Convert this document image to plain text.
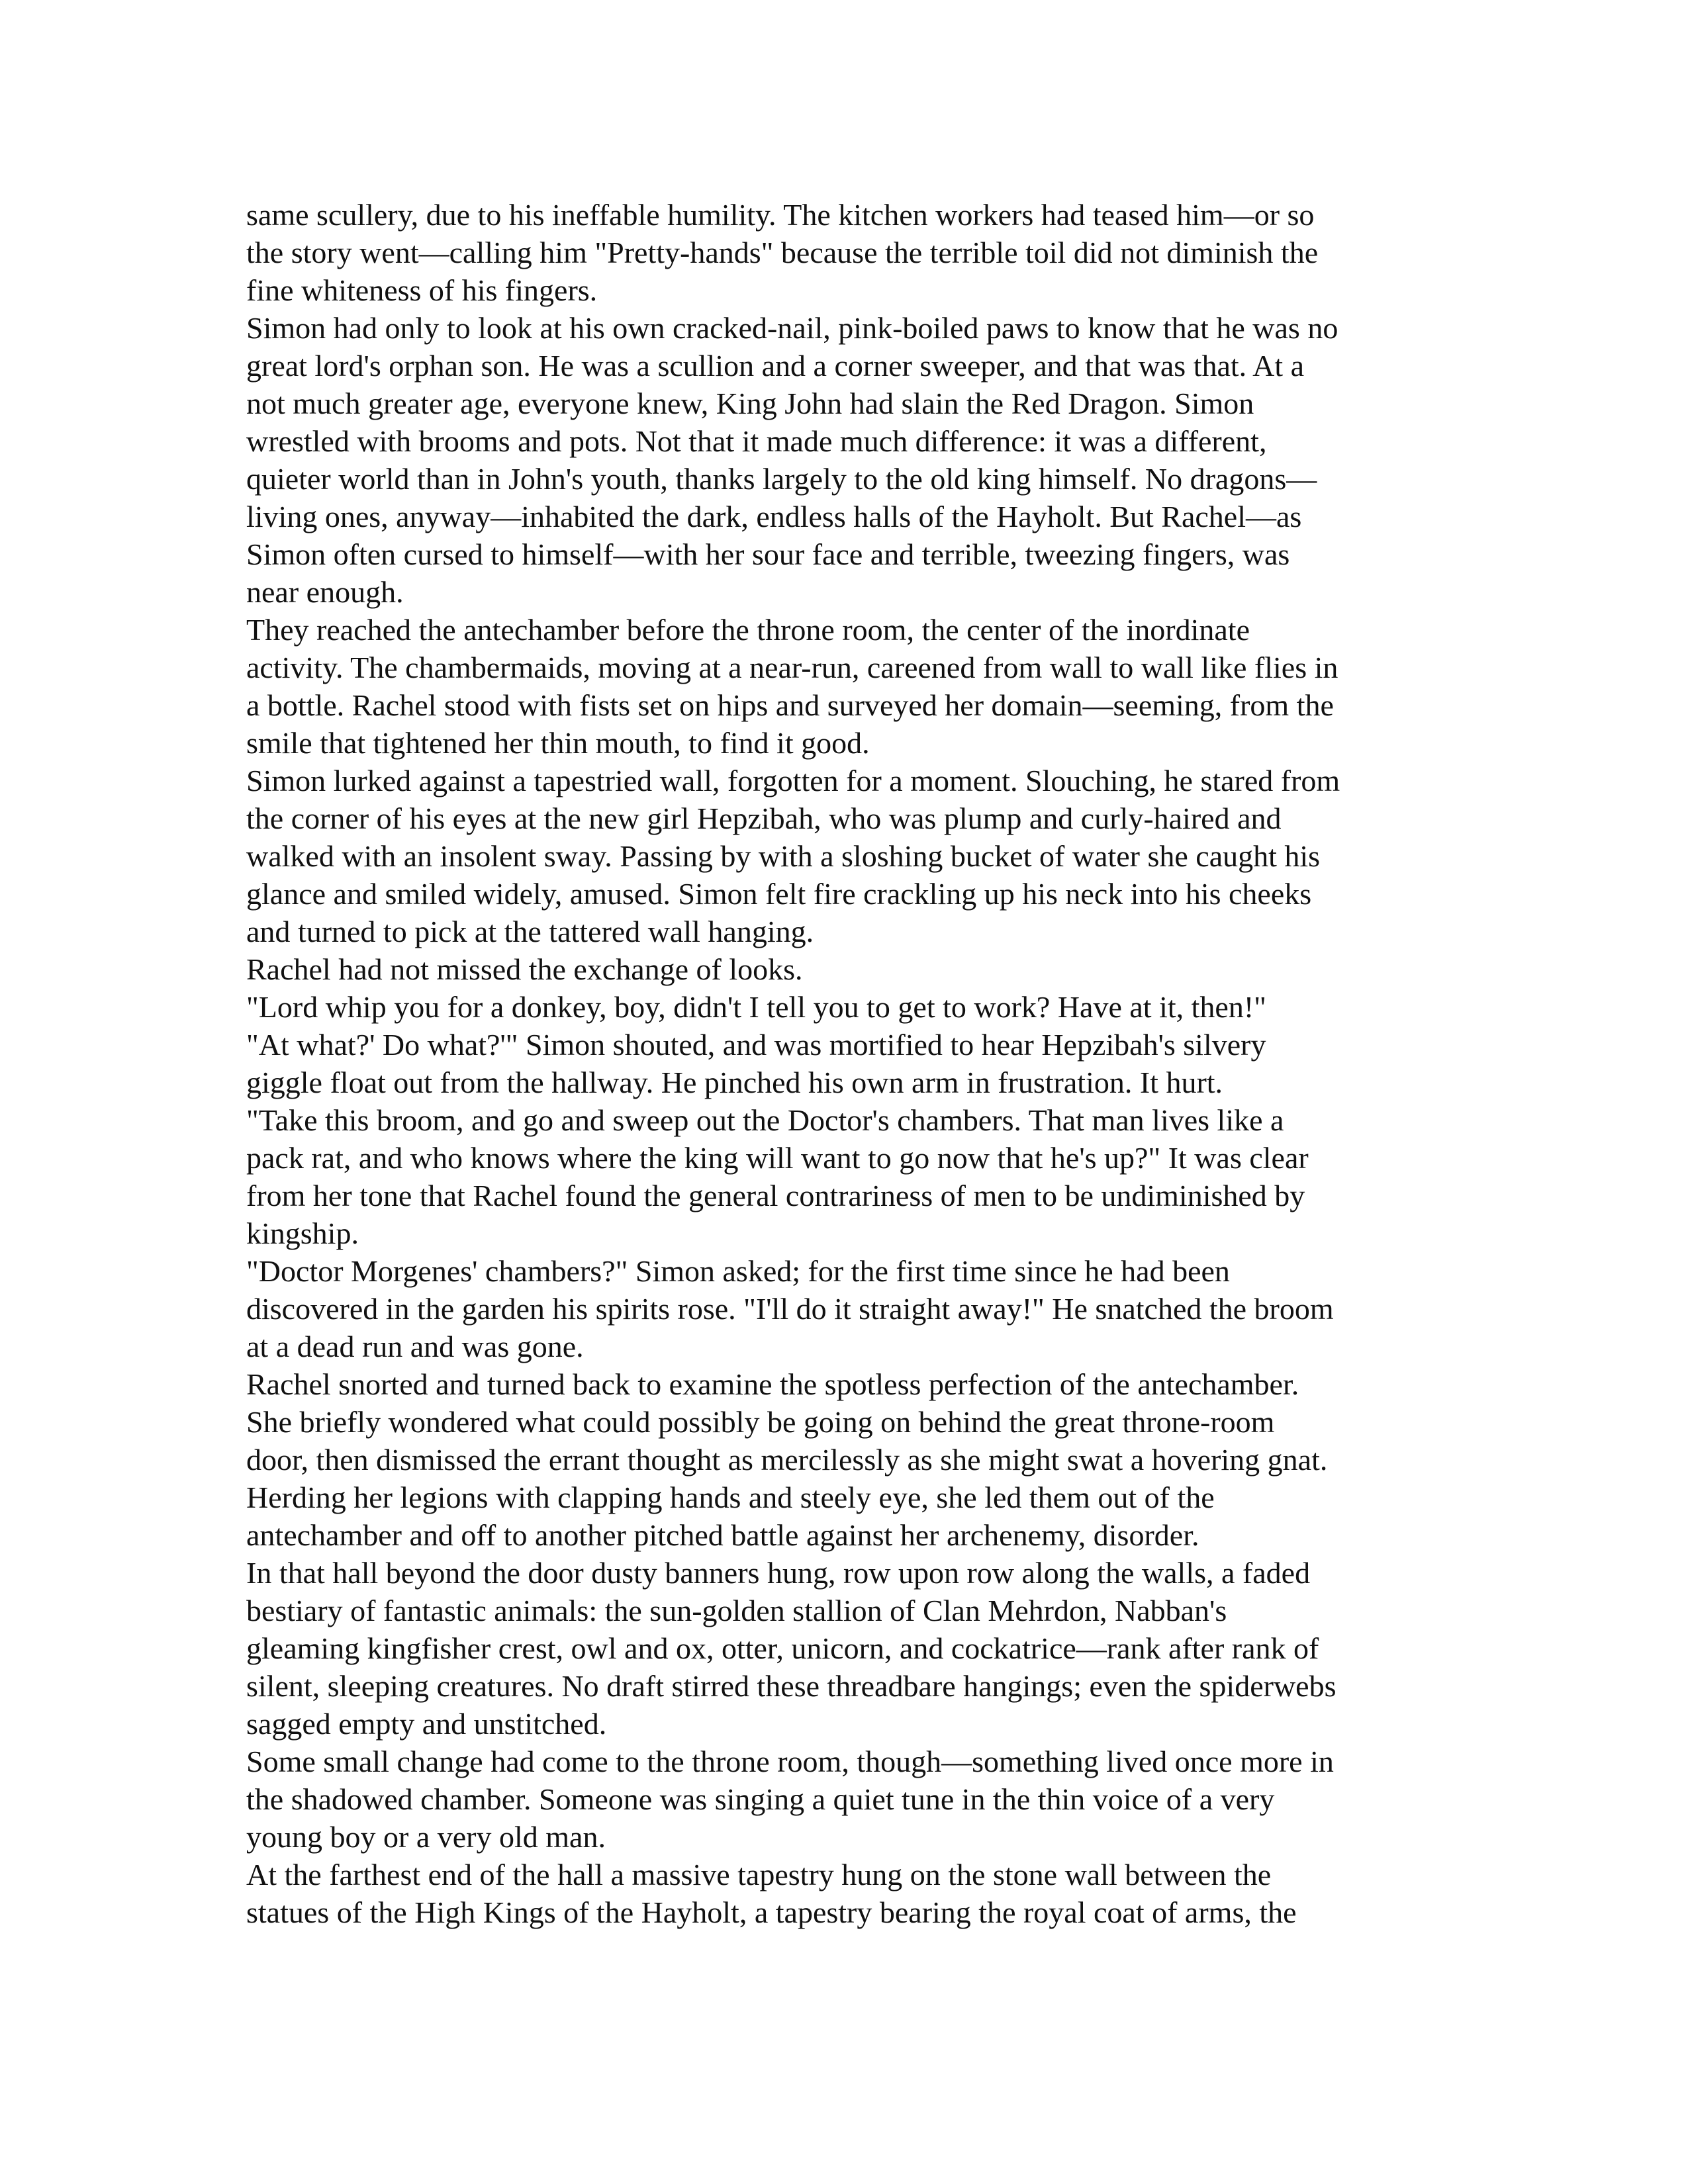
same scullery, due to his ineffable humility. The kitchen workers had teased him—or so
the story went—calling him "Pretty-hands" because the terrible toil did not diminish the
fine whiteness of his fingers.
Simon had only to look at his own cracked-nail, pink-boiled paws to know that he was no
great lord's orphan son. He was a scullion and a corner sweeper, and that was that. At a
not much greater age, everyone knew, King John had slain the Red Dragon. Simon
wrestled with brooms and pots. Not that it made much difference: it was a different,
quieter world than in John's youth, thanks largely to the old king himself. No dragons—
living ones, anyway—inhabited the dark, endless halls of the Hayholt. But Rachel—as
Simon often cursed to himself—with her sour face and terrible, tweezing fingers, was
near enough.
They reached the antechamber before the throne room, the center of the inordinate
activity. The chambermaids, moving at a near-run, careened from wall to wall like flies in
a bottle. Rachel stood with fists set on hips and surveyed her domain—seeming, from the
smile that tightened her thin mouth, to find it good.
Simon lurked against a tapestried wall, forgotten for a moment. Slouching, he stared from
the corner of his eyes at the new girl Hepzibah, who was plump and curly-haired and
walked with an insolent sway. Passing by with a sloshing bucket of water she caught his
glance and smiled widely, amused. Simon felt fire crackling up his neck into his cheeks
and turned to pick at the tattered wall hanging.
Rachel had not missed the exchange of looks.
"Lord whip you for a donkey, boy, didn't I tell you to get to work? Have at it, then!"
"At what?' Do what?'" Simon shouted, and was mortified to hear Hepzibah's silvery
giggle float out from the hallway. He pinched his own arm in frustration. It hurt.
"Take this broom, and go and sweep out the Doctor's chambers. That man lives like a
pack rat, and who knows where the king will want to go now that he's up?" It was clear
from her tone that Rachel found the general contrariness of men to be undiminished by
kingship.
"Doctor Morgenes' chambers?" Simon asked; for the first time since he had been
discovered in the garden his spirits rose. "I'll do it straight away!" He snatched the broom
at a dead run and was gone.
Rachel snorted and turned back to examine the spotless perfection of the antechamber.
She briefly wondered what could possibly be going on behind the great throne-room
door, then dismissed the errant thought as mercilessly as she might swat a hovering gnat.
Herding her legions with clapping hands and steely eye, she led them out of the
antechamber and off to another pitched battle against her archenemy, disorder.
In that hall beyond the door dusty banners hung, row upon row along the walls, a faded
bestiary of fantastic animals: the sun-golden stallion of Clan Mehrdon, Nabban's
gleaming kingfisher crest, owl and ox, otter, unicorn, and cockatrice—rank after rank of
silent, sleeping creatures. No draft stirred these threadbare hangings; even the spiderwebs
sagged empty and unstitched.
Some small change had come to the throne room, though—something lived once more in
the shadowed chamber. Someone was singing a quiet tune in the thin voice of a very
young boy or a very old man.
At the farthest end of the hall a massive tapestry hung on the stone wall between the
statues of the High Kings of the Hayholt, a tapestry bearing the royal coat of arms, the
